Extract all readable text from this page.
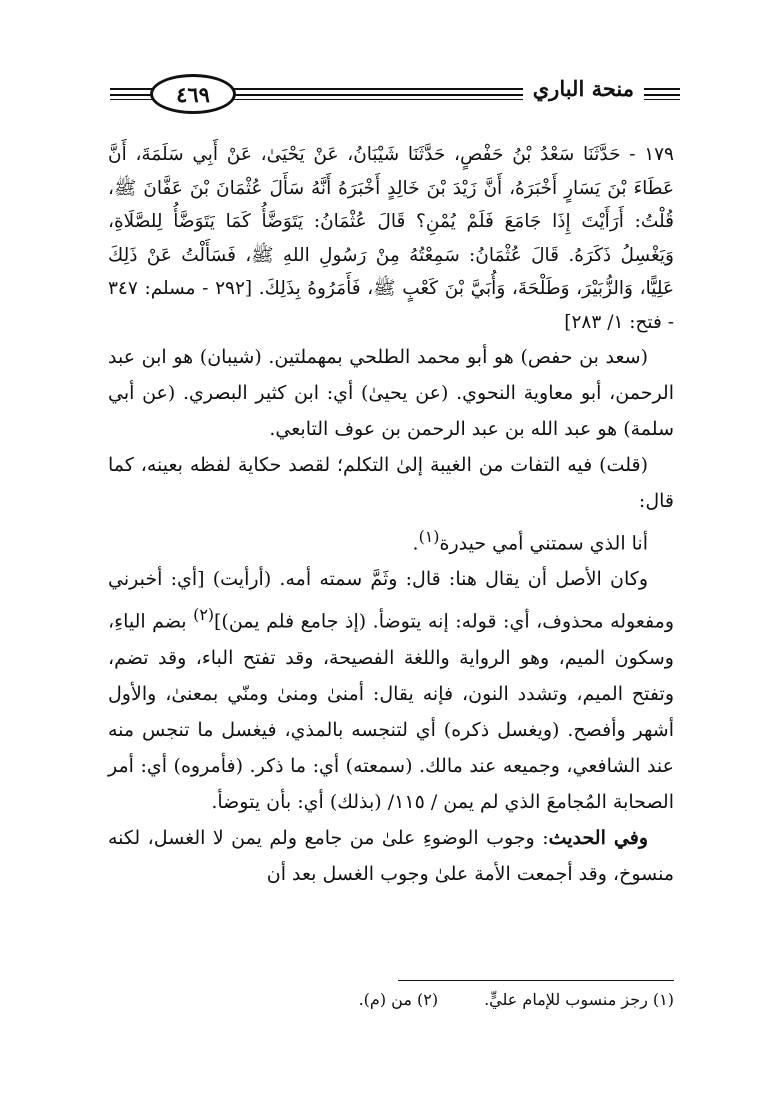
٤٦٩	منحة الباري

١٧٩ - حَدَّثَنَا سَعْدُ بْنُ حَفْصٍ، حَدَّثَنَا شَيْبَانُ، عَنْ يَحْيَىٰ، عَنْ أَبِي سَلَمَةَ، أَنَّ عَطَاءَ بْنَ يَسَارٍ أَخْبَرَهُ، أَنَّ زَيْدَ بْنَ خَالِدٍ أَخْبَرَهُ أَنَّهُ سَأَلَ عُثْمَانَ بْنَ عَفَّانَ ﷺ، قُلْتُ: أَرَأَيْتَ إِذَا جَامَعَ فَلَمْ يُمْنِ؟ قَالَ عُثْمَانُ: يَتَوَضَّأُ كَمَا يَتَوَضَّأُ لِلصَّلَاةِ، وَيَغْسِلُ ذَكَرَهُ. قَالَ عُثْمَانُ: سَمِعْتُهُ مِنْ رَسُولِ اللهِ ﷺ، فَسَأَلْتُ عَنْ ذَلِكَ عَلِيًّا، وَالزُّبَيْرَ، وَطَلْحَةَ، وَأُبَيَّ بْنَ كَعْبٍ ﷺ، فَأَمَرُوهُ بِذَلِكَ. [٢٩٢ - مسلم: ٣٤٧ - فتح: ١/ ٢٨٣]

(سعد بن حفص) هو أبو محمد الطلحي بمهملتين. (شيبان) هو ابن عبد الرحمن، أبو معاوية النحوي. (عن يحيىٰ) أي: ابن كثير البصري. (عن أبي سلمة) هو عبد الله بن عبد الرحمن بن عوف التابعي.

(قلت) فيه التفات من الغيبة إلىٰ التكلم؛ لقصد حكاية لفظه بعينه، كما قال:

أنا الذي سمتني أمي حيدرة$^{(١)}$.

وكان الأصل أن يقال هنا: قال: وثَمَّ سمته أمه. (أرأيت) [أي: أخبرني ومفعوله محذوف، أي: قوله: إنه يتوضأ. (إذ جامع فلم يمن)]$^{(٢)}$ بضم الياءِ، وسكون الميم، وهو الرواية واللغة الفصيحة، وقد تفتح الباء، وقد تضم، وتفتح الميم، وتشدد النون، فإنه يقال: أمنىٰ ومنىٰ ومنّي بمعنىٰ، والأول أشهر وأفصح. (ويغسل ذكره) أي لتنجسه بالمذي، فيغسل ما تنجس منه عند الشافعي، وجميعه عند مالك. (سمعته) أي: ما ذكر. (فأمروه) أي: أمر الصحابة المُجامعَ الذي لم يمن / ١١٥/ (بذلك) أي: بأن يتوضأ.

وفي الحديث: وجوب الوضوءِ علىٰ من جامع ولم يمن لا الغسل، لكنه منسوخ، وقد أجمعت الأمة علىٰ وجوب الغسل بعد أن

(١) رجز منسوب للإمام عليٍّ.
(٢) من (م).
